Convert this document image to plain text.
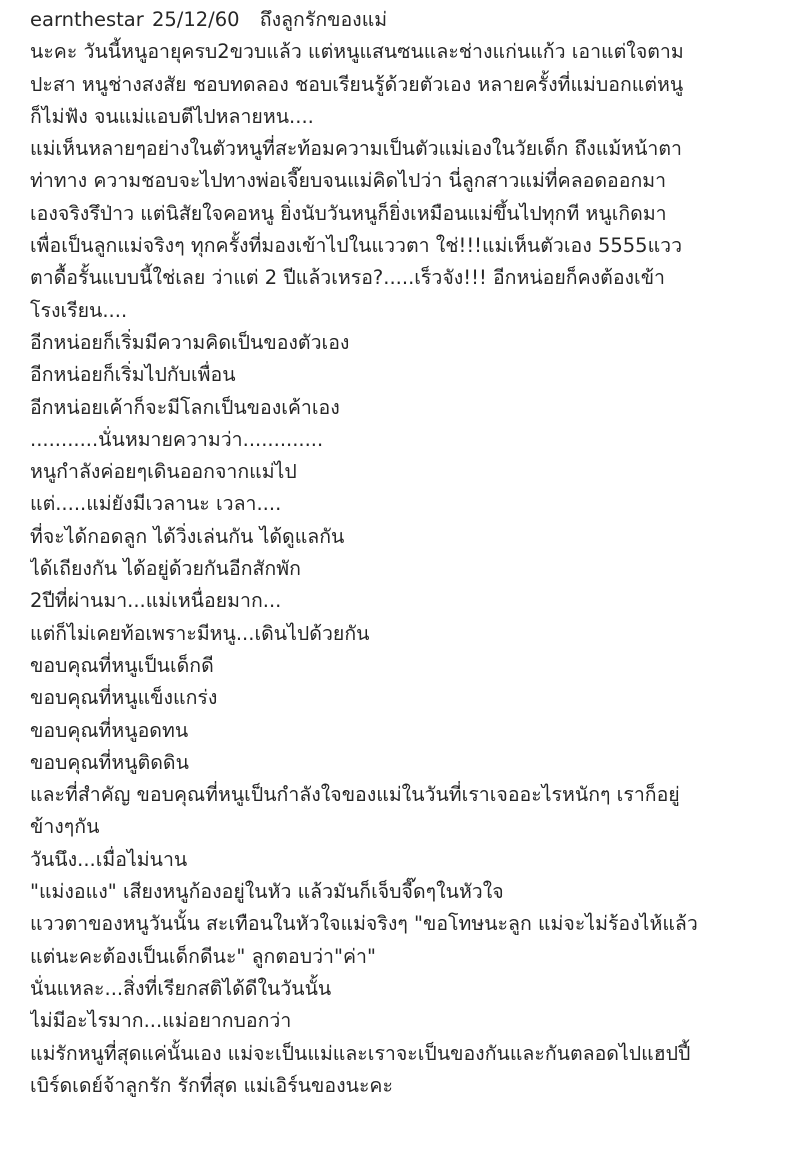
earnthestar 25/12/60 ถึงลูกรักของแม่
นะคะ วันนี้หนูอายุครบ2ขวบแล้ว แต่หนูแสนซนและช่างแก่นแก้ว เอาแต่ใจตาม
ปะสา หนูช่างสงสัย ชอบทดลอง ชอบเรียนรู้ด้วยตัวเอง หลายครั้งที่แม่บอกแต่หนู
ก็ไม่ฟัง จนแม่แอบตีไปหลายหน....
แม่เห็นหลายๆอย่างในตัวหนูที่สะท้อมความเป็นตัวแม่เองในวัยเด็ก ถึงแม้หน้าตา
ท่าทาง ความชอบจะไปทางพ่อเจี๊ยบจนแม่คิดไปว่า นี่ลูกสาวแม่ที่คลอดออกมา
เองจริงรึป่าว แต่นิสัยใจคอหนู ยิ่งนับวันหนูก็ยิ่งเหมือนแม่ขึ้นไปทุกที หนูเกิดมา
เพื่อเป็นลูกแม่จริงๆ ทุกครั้งที่มองเข้าไปในแววตา ใช่!!!แม่เห็นตัวเอง 5555แวว
ตาดื้อรั้นแบบนี้ใช่เลย ว่าแต่ 2 ปีแล้วเหรอ?.....เร็วจัง!!! อีกหน่อยก็คงต้องเข้า
โรงเรียน....
อีกหน่อยก็เริ่มมีความคิดเป็นของตัวเอง
อีกหน่อยก็เริ่มไปกับเพื่อน
อีกหน่อยเค้าก็จะมีโลกเป็นของเค้าเอง
...........นั่นหมายความว่า.............
หนูกำลังค่อยๆเดินออกจากแม่ไป
แต่.....แม่ยังมีเวลานะ เวลา....
ที่จะได้กอดลูก ได้วิ่งเล่นกัน ได้ดูแลกัน
ได้เถียงกัน ได้อยู่ด้วยกันอีกสักพัก
2ปีที่ผ่านมา...แม่เหนื่อยมาก...
แต่ก็ไม่เคยท้อเพราะมีหนู...เดินไปด้วยกัน
ขอบคุณที่หนูเป็นเด็กดี
ขอบคุณที่หนูแข็งแกร่ง
ขอบคุณที่หนูอดทน
ขอบคุณที่หนูติดดิน
และที่สำคัญ ขอบคุณที่หนูเป็นกำลังใจของแม่ในวันที่เราเจออะไรหนักๆ เราก็อยู่
ข้างๆกัน
วันนึง...เมื่อไม่นาน
"แม่งอแง" เสียงหนูก้องอยู่ในหัว แล้วมันก็เจ็บจี๊ดๆในหัวใจ
แววตาของหนูวันนั้น สะเทือนในหัวใจแม่จริงๆ "ขอโทษนะลูก แม่จะไม่ร้องไห้แล้ว
แต่นะคะต้องเป็นเด็กดีนะ" ลูกตอบว่า"ค่า"
นั่นแหละ...สิ่งที่เรียกสติได้ดีในวันนั้น
ไม่มีอะไรมาก...แม่อยากบอกว่า
แม่รักหนูที่สุดแค่นั้นเอง แม่จะเป็นแม่และเราจะเป็นของกันและกันตลอดไปแฮปปี้
เบิร์ดเดย์จ้าลูกรัก รักที่สุด แม่เอิร์นของนะคะ
